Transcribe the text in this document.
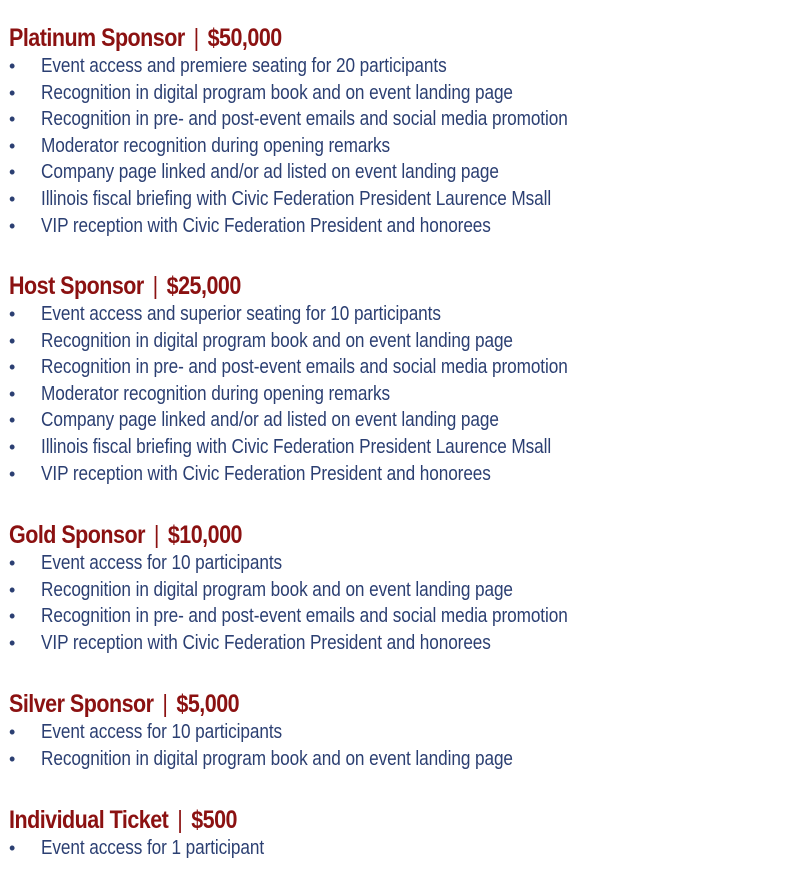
Platinum Sponsor | $50,000
• Event access and premiere seating for 20 participants
• Recognition in digital program book and on event landing page
• Recognition in pre- and post-event emails and social media promotion
• Moderator recognition during opening remarks
• Company page linked and/or ad listed on event landing page
• Illinois fiscal briefing with Civic Federation President Laurence Msall
• VIP reception with Civic Federation President and honorees
Host Sponsor | $25,000
• Event access and superior seating for 10 participants
• Recognition in digital program book and on event landing page
• Recognition in pre- and post-event emails and social media promotion
• Moderator recognition during opening remarks
• Company page linked and/or ad listed on event landing page
• Illinois fiscal briefing with Civic Federation President Laurence Msall
• VIP reception with Civic Federation President and honorees
Gold Sponsor | $10,000
• Event access for 10 participants
• Recognition in digital program book and on event landing page
• Recognition in pre- and post-event emails and social media promotion
• VIP reception with Civic Federation President and honorees
Silver Sponsor | $5,000
• Event access for 10 participants
• Recognition in digital program book and on event landing page
Individual Ticket | $500
• Event access for 1 participant
